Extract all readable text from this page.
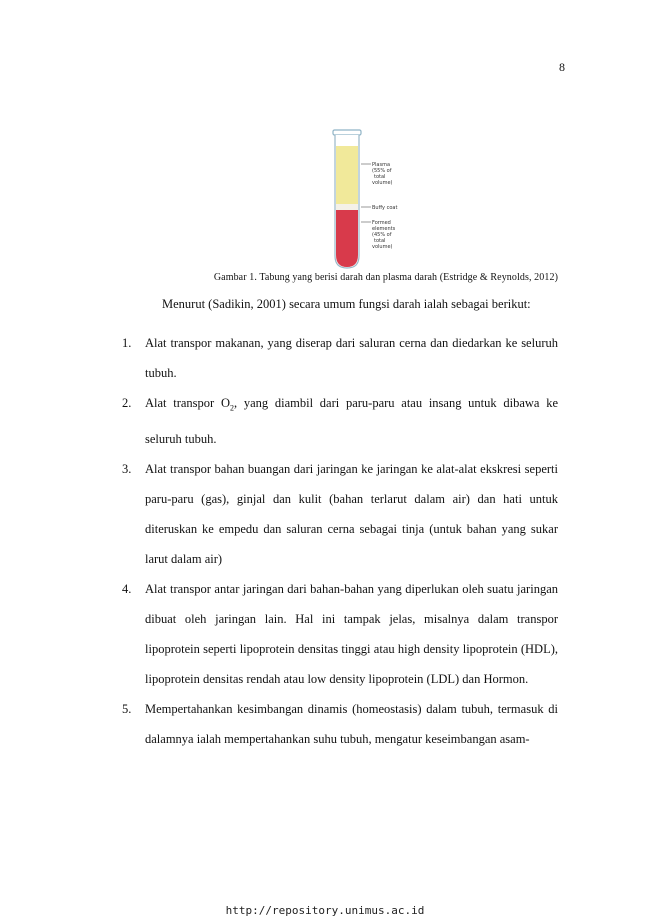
8
Plasma
(55% of
total
volume)
Buffy coat
Formed
elements
(45% of
total
volume)
Gambar 1. Tabung yang berisi darah dan plasma darah (Estridge & Reynolds, 2012)
Menurut (Sadikin, 2001) secara umum fungsi darah ialah sebagai berikut:
1. Alat transpor makanan, yang diserap dari saluran cerna dan diedarkan ke seluruh tubuh.
2. Alat transpor $O_2$, yang diambil dari paru-paru atau insang untuk dibawa ke seluruh tubuh.
3. Alat transpor bahan buangan dari jaringan ke jaringan ke alat-alat ekskresi seperti paru-paru (gas), ginjal dan kulit (bahan terlarut dalam air) dan hati untuk diteruskan ke empedu dan saluran cerna sebagai tinja (untuk bahan yang sukar larut dalam air)
4. Alat transpor antar jaringan dari bahan-bahan yang diperlukan oleh suatu jaringan dibuat oleh jaringan lain. Hal ini tampak jelas, misalnya dalam transpor lipoprotein seperti lipoprotein densitas tinggi atau high density lipoprotein (HDL), lipoprotein densitas rendah atau low density lipoprotein (LDL) dan Hormon.
5. Mempertahankan kesimbangan dinamis (homeostasis) dalam tubuh, termasuk di dalamnya ialah mempertahankan suhu tubuh, mengatur keseimbangan asam-
http://repository.unimus.ac.id
